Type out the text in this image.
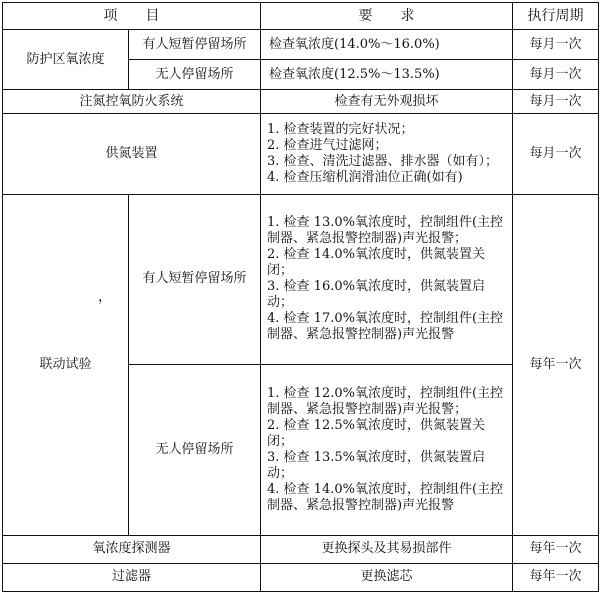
项　　目		要　　求	执行周期
防护区氧浓度	有人短暂停留场所	检查氧浓度(14.0%～16.0%)	每月一次
	无人停留场所	检查氧浓度(12.5%～13.5%)	每月一次
注氮控氧防火系统		检查有无外观损坏	每月一次
供氮装置		1. 检查装置的完好状况；
2. 检查进气过滤网；
3. 检查、清洗过滤器、排水器（如有）；
4. 检查压缩机润滑油位正确(如有)	每月一次
联动试验	有人短暂停留场所	1. 检查 13.0%氧浓度时，控制组件(主控制器、紧急报警控制器)声光报警；
2. 检查 14.0%氧浓度时，供氮装置关闭；
3. 检查 16.0%氧浓度时，供氮装置启动；
4. 检查 17.0%氧浓度时，控制组件(主控制器、紧急报警控制器)声光报警	每年一次
	无人停留场所	1. 检查 12.0%氧浓度时，控制组件(主控制器、紧急报警控制器)声光报警；
2. 检查 12.5%氧浓度时，供氮装置关闭；
3. 检查 13.5%氧浓度时，供氮装置启动；
4. 检查 14.0%氧浓度时，控制组件(主控制器、紧急报警控制器)声光报警	

氧浓度探测器		更换探头及其易损部件	每年一次
过滤器		更换滤芯	每年一次
，
